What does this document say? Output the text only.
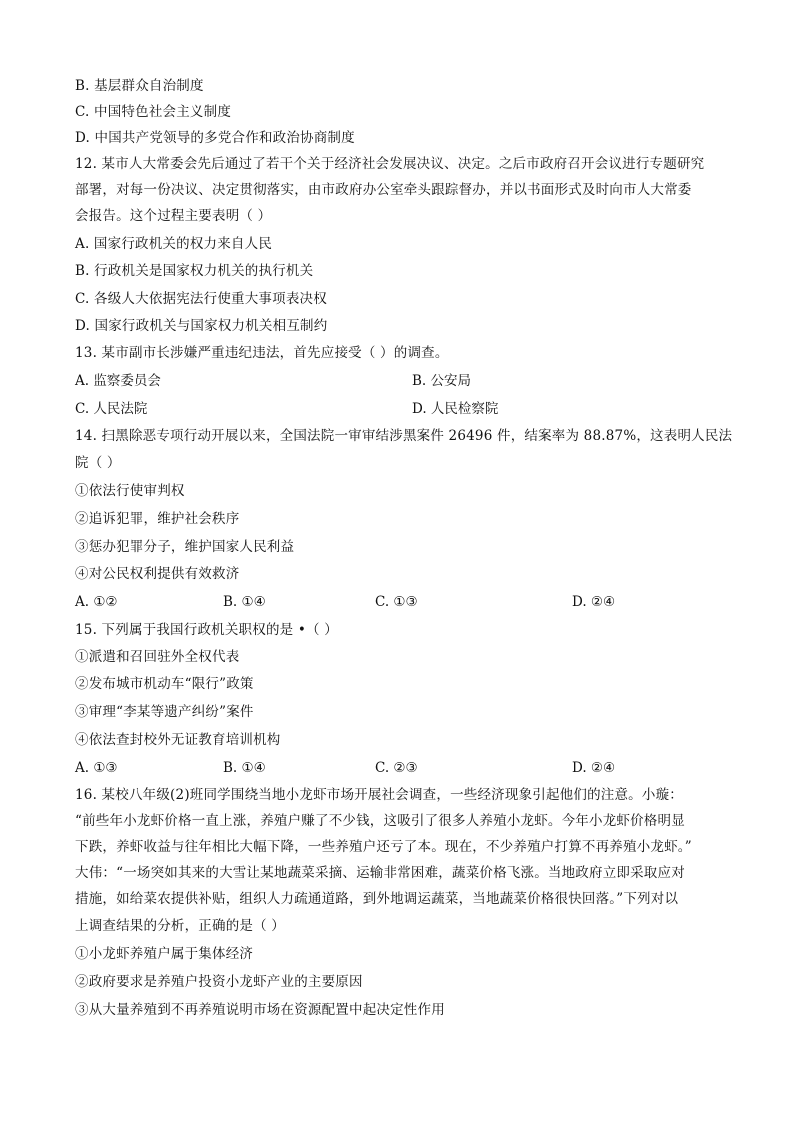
B. 基层群众自治制度
C. 中国特色社会主义制度
D. 中国共产党领导的多党合作和政治协商制度
12. 某市人大常委会先后通过了若干个关于经济社会发展决议、决定。之后市政府召开会议进行专题研究
部署，对每一份决议、决定贯彻落实，由市政府办公室牵头跟踪督办，并以书面形式及时向市人大常委
会报告。这个过程主要表明（ ）
A. 国家行政机关的权力来自人民
B. 行政机关是国家权力机关的执行机关
C. 各级人大依据宪法行使重大事项表决权
D. 国家行政机关与国家权力机关相互制约
13. 某市副市长涉嫌严重违纪违法，首先应接受（ ）的调查。
A. 监察委员会	B. 公安局
C. 人民法院	D. 人民检察院
14. 扫黑除恶专项行动开展以来，全国法院一审审结涉黑案件 26496 件，结案率为 88.87%，这表明人民法
院（ ）
①依法行使审判权
②追诉犯罪，维护社会秩序
③惩办犯罪分子，维护国家人民利益
④对公民权利提供有效救济
A. ①②	B. ①④	C. ①③	D. ②④
15. 下列属于我国行政机关职权的是 •（ ）
①派遣和召回驻外全权代表
②发布城市机动车“限行”政策
③审理“李某等遗产纠纷”案件
④依法查封校外无证教育培训机构
A. ①③	B. ①④	C. ②③	D. ②④
16. 某校八年级(2)班同学围绕当地小龙虾市场开展社会调查，一些经济现象引起他们的注意。小璇：
“前些年小龙虾价格一直上涨，养殖户赚了不少钱，这吸引了很多人养殖小龙虾。今年小龙虾价格明显
下跌，养虾收益与往年相比大幅下降，一些养殖户还亏了本。现在，不少养殖户打算不再养殖小龙虾。”
大伟：“一场突如其来的大雪让某地蔬菜采摘、运输非常困难，蔬菜价格飞涨。当地政府立即采取应对
措施，如给菜农提供补贴，组织人力疏通道路，到外地调运蔬菜，当地蔬菜价格很快回落。”下列对以
上调查结果的分析，正确的是（ ）
①小龙虾养殖户属于集体经济
②政府要求是养殖户投资小龙虾产业的主要原因
③从大量养殖到不再养殖说明市场在资源配置中起决定性作用
